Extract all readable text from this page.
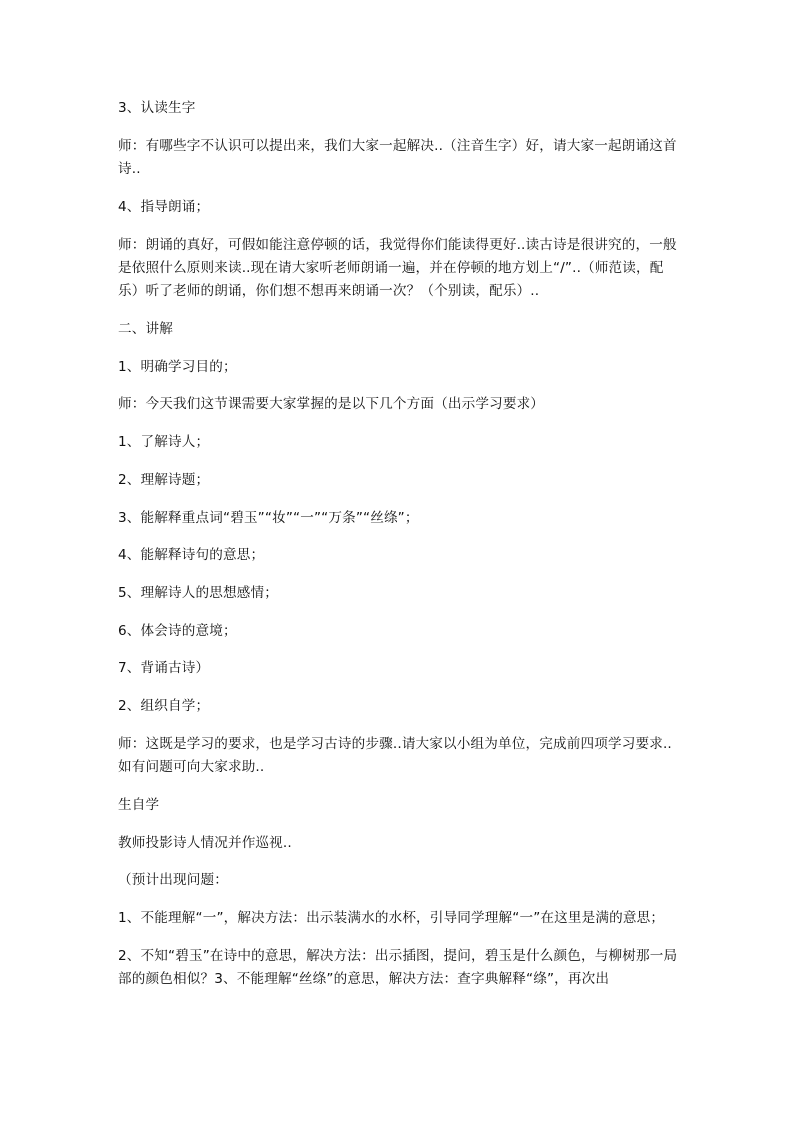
3、认读生字

师：有哪些字不认识可以提出来，我们大家一起解决..（注音生字）好，请大家一起朗诵这首诗..

4、指导朗诵；

师：朗诵的真好，可假如能注意停顿的话，我觉得你们能读得更好..读古诗是很讲究的，一般是依照什么原则来读..现在请大家听老师朗诵一遍，并在停顿的地方划上“/”..（师范读，配乐）听了老师的朗诵，你们想不想再来朗诵一次？（个别读，配乐）..

二、讲解

1、明确学习目的；

师：今天我们这节课需要大家掌握的是以下几个方面（出示学习要求）

1、了解诗人；

2、理解诗题；

3、能解释重点词“碧玉”“妆”“一”“万条”“丝绦”；

4、能解释诗句的意思；

5、理解诗人的思想感情；

6、体会诗的意境；

7、背诵古诗）

2、组织自学；

师：这既是学习的要求，也是学习古诗的步骤..请大家以小组为单位，完成前四项学习要求..如有问题可向大家求助..

生自学

教师投影诗人情况并作巡视..

（预计出现问题：

1、不能理解“一”，解决方法：出示装满水的水杯，引导同学理解“一”在这里是满的意思；

2、不知“碧玉”在诗中的意思，解决方法：出示插图，提问，碧玉是什么颜色，与柳树那一局部的颜色相似？3、不能理解“丝绦”的意思，解决方法：查字典解释“绦”，再次出
